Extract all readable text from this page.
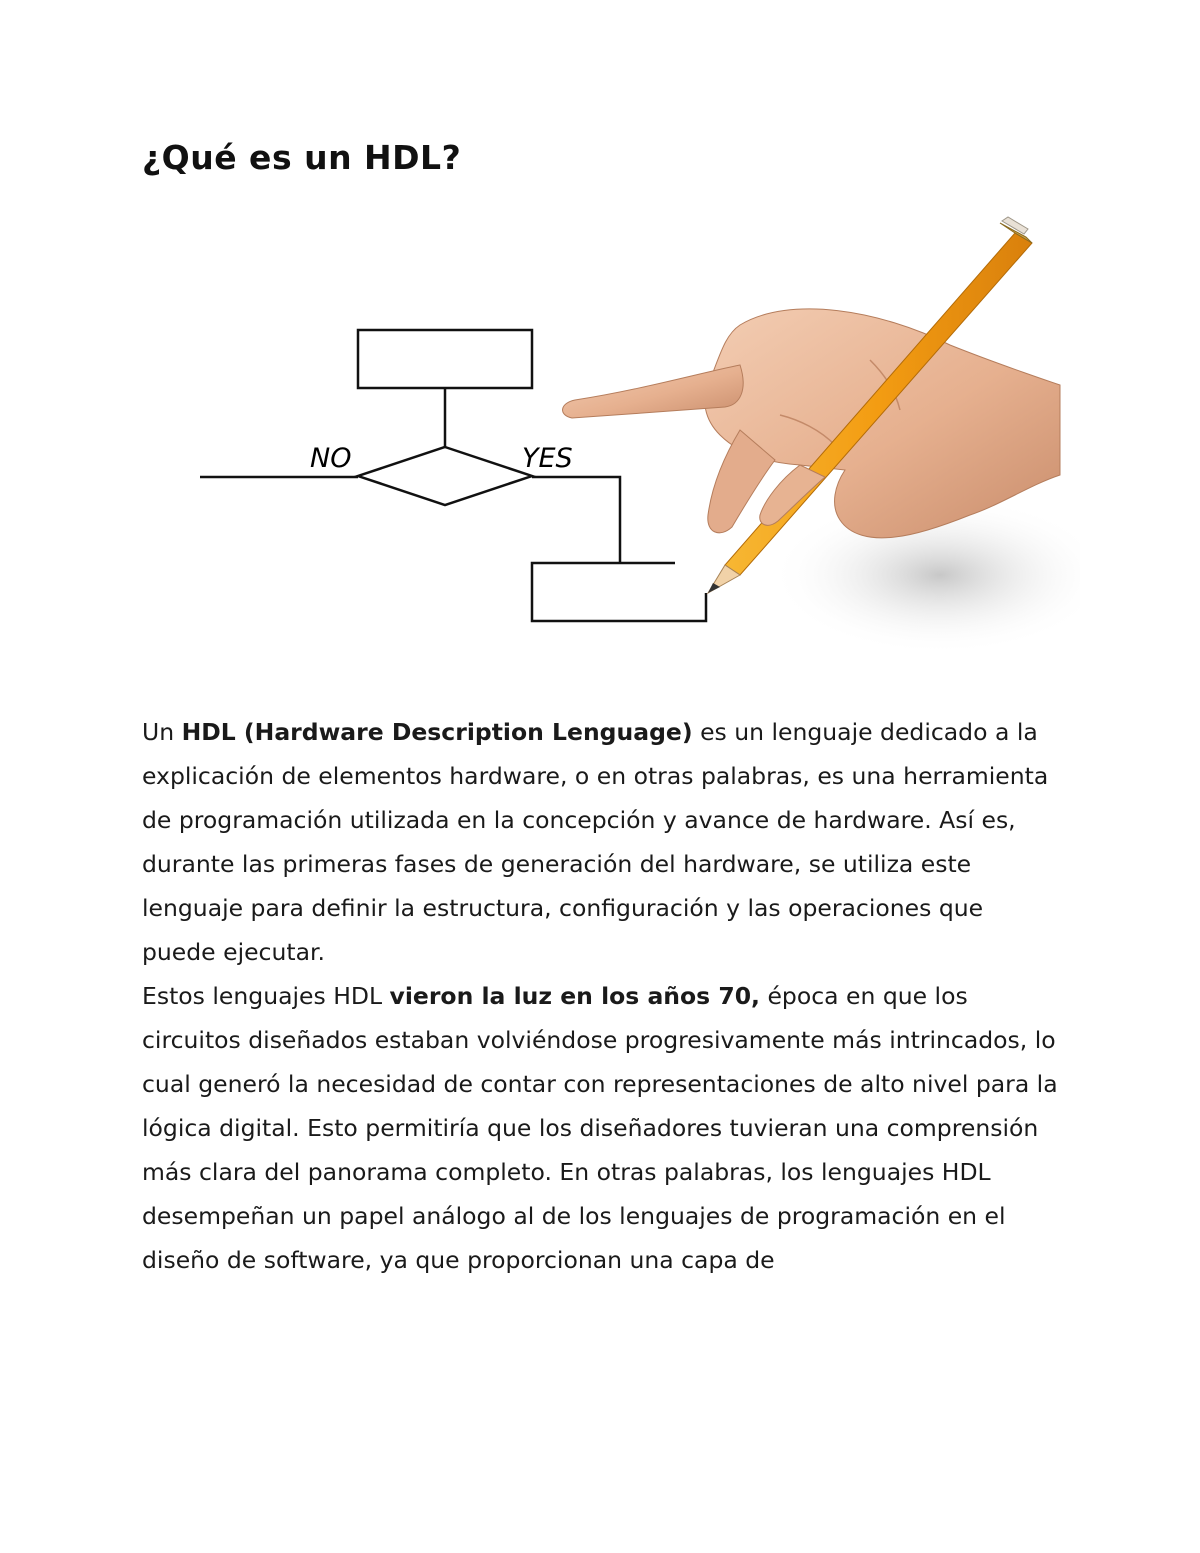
¿Qué es un HDL?
NO	YES

Un HDL (Hardware Description Lenguage) es un lenguaje dedicado a la explicación de elementos hardware, o en otras palabras, es una herramienta de programación utilizada en la concepción y avance de hardware. Así es, durante las primeras fases de generación del hardware, se utiliza este lenguaje para definir la estructura, configuración y las operaciones que puede ejecutar.

Estos lenguajes HDL vieron la luz en los años 70, época en que los circuitos diseñados estaban volviéndose progresivamente más intrincados, lo cual generó la necesidad de contar con representaciones de alto nivel para la lógica digital. Esto permitiría que los diseñadores tuvieran una comprensión más clara del panorama completo. En otras palabras, los lenguajes HDL desempeñan un papel análogo al de los lenguajes de programación en el diseño de software, ya que proporcionan una capa de
